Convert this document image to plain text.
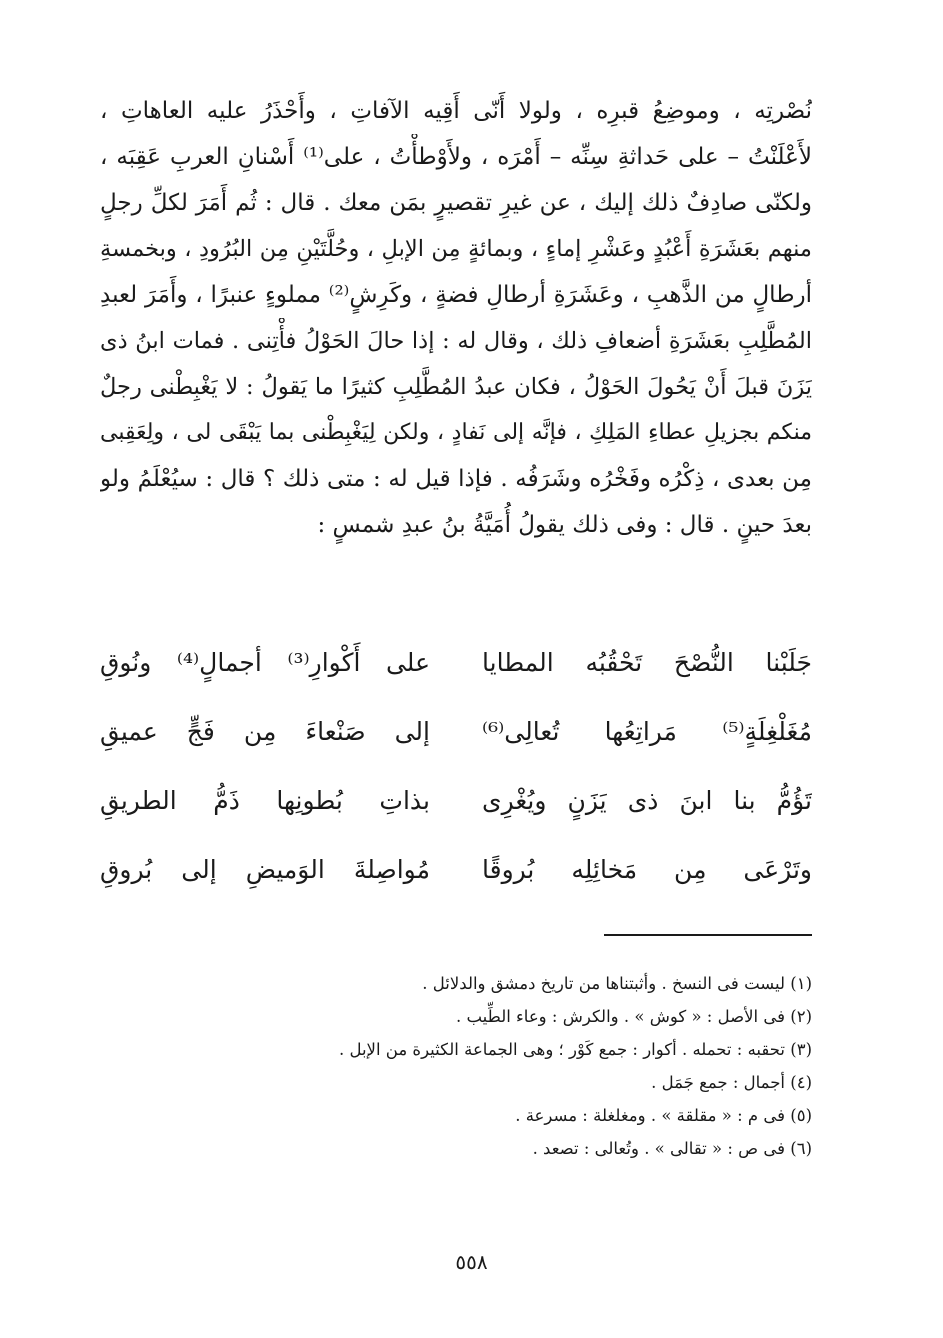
نُصْرتِه ، وموضِعُ قبرِه ، ولولا أَنّى أَقِيه الآفاتِ ، وأَحْذَرُ عليه العاهاتِ ،
لأَعْلَنْتُ – على حَداثةِ سِنِّه – أَمْرَه ، ولأَوْطأْتُ ، على⁽¹⁾ أَسْنانِ العربِ عَقِبَه ،
ولكنّى صادِفٌ ذلك إليك ، عن غيرِ تقصيرٍ بمَن معك . قال : ثُم أَمَرَ لكلِّ رجلٍ
منهم بعَشَرَةِ أَعْبُدٍ وعَشْرِ إماءٍ ، وبمائةٍ مِن الإبلِ ، وحُلَّتَيْنِ مِن البُرُودِ ، وبخمسةِ
أرطالٍ من الذَّهبِ ، وعَشَرَةِ أرطالِ فضةٍ ، وكَرِشٍ⁽²⁾ مملوءٍ عنبرًا ، وأَمَرَ لعبدِ
المُطَّلِبِ بعَشَرَةِ أضعافِ ذلك ، وقال له : إذا حالَ الحَوْلُ فأْتِنى . فمات ابنُ ذى
يَزَنَ قبلَ أَنْ يَحُولَ الحَوْلُ ، فكان عبدُ المُطَّلِبِ كثيرًا ما يَقولُ : لا يَغْبِطْنى رجلٌ
منكم بجزيلِ عطاءِ المَلِكِ ، فإنَّه إلى نَفادٍ ، ولكن لِيَغْبِطْنى بما يَبْقَى لى ، ولِعَقِبى
مِن بعدى ، ذِكْرُه وفَخْرُه وشَرَفُه . فإذا قيل له : متى ذلك ؟ قال : سيُعْلَمُ ولو
بعدَ حينٍ . قال : وفى ذلك يقولُ أُمَيَّةُ بنُ عبدِ شمسٍ :
جَلَبْنا النُّصْحَ تَحْقُبُه المطايا
على أَكْوارِ⁽³⁾ أجمالٍ⁽⁴⁾ ونُوقِ
مُغَلْغِلَةٍ⁽⁵⁾ مَراتِعُها تُعالِى⁽⁶⁾
إلى صَنْعاءَ مِن فَجٍّ عميقِ
تَؤُمُّ بنا ابنَ ذى يَزَنٍ ويُغْرِى
بذاتِ بُطونِها ذَمُّ الطريقِ
وتَرْعَى مِن مَخائِلِه بُروقًا
مُواصِلةَ الوَميضِ إلى بُروقِ
(١) ليست فى النسخ . وأثبتناها من تاريخ دمشق والدلائل .
(٢) فى الأصل : « كوش » . والكرش : وعاء الطِّيب .
(٣) تحقبه : تحمله . أكوار : جمع كَوْر ؛ وهى الجماعة الكثيرة من الإبل .
(٤) أجمال : جمع جَمَل .
(٥) فى م : « مقلقة » . ومغلغلة : مسرعة .
(٦) فى ص : « تقالى » . وتُعالى : تصعد .
٥٥٨
